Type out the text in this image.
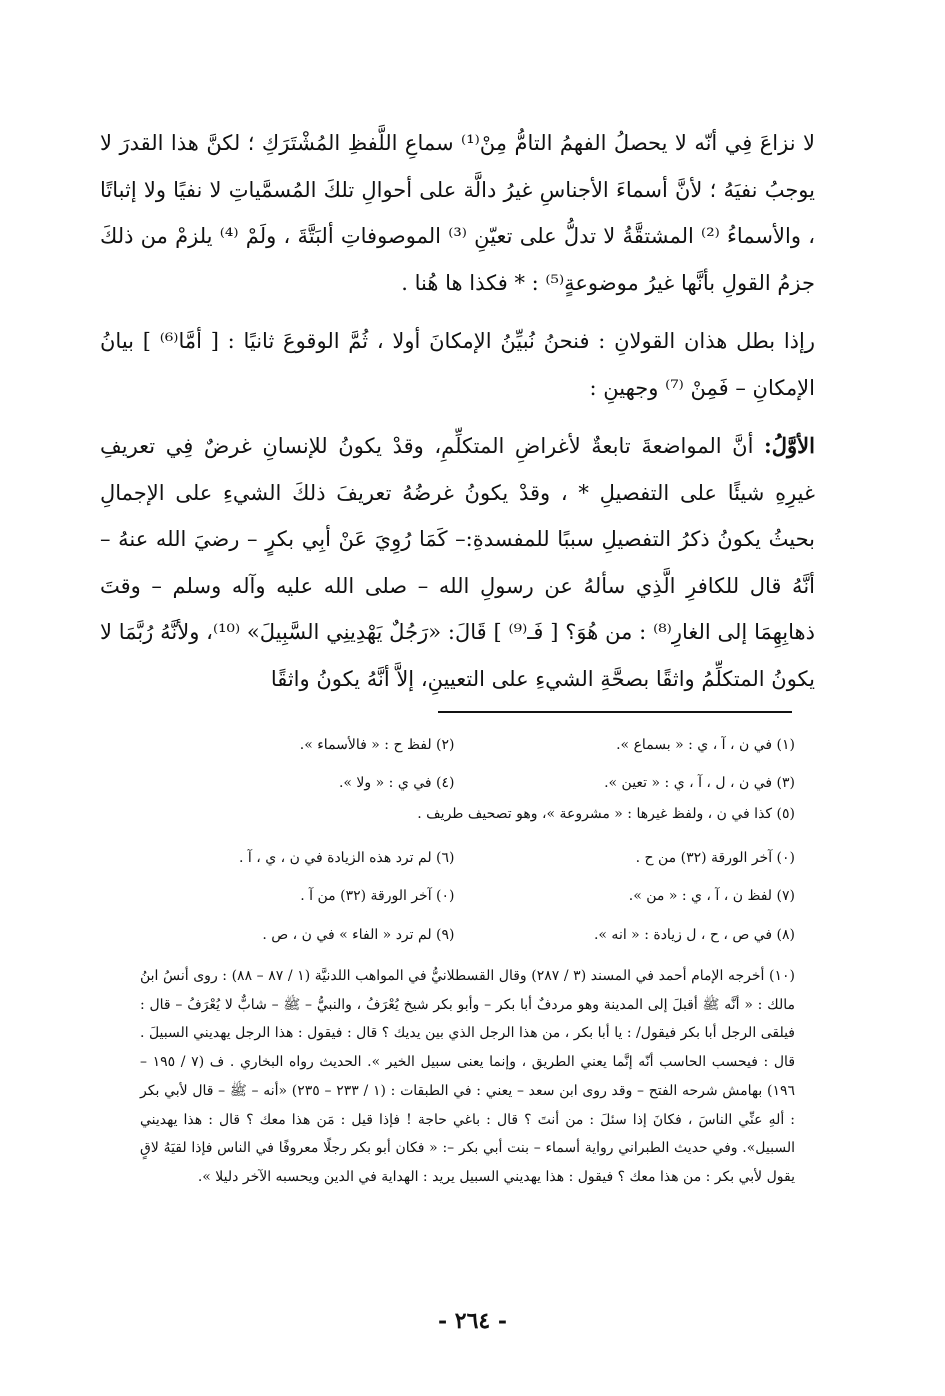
لا نزاعَ فِي أنّه لا يحصلُ الفهمُ التامُّ مِنْ⁽¹⁾ سماعِ اللَّفظِ المُشْتَرَكِ ؛ لكنَّ هذا القدرَ لا يوجبُ نفيَهُ ؛ لأنَّ أسماءَ الأجناسِ غيرُ دالَّة على أحوالِ تلكَ المُسمَّياتِ لا نفيًا ولا إثباتًا ، والأسماءُ ⁽²⁾ المشتقَّةُ لا تدلُّ على تعيّنِ ⁽³⁾ الموصوفاتِ ألبَتَّةَ ، ولَمْ ⁽⁴⁾ يلزمْ من ذلكَ جزمُ القولِ بأنَّها غيرُ موضوعةٍ⁽⁵⁾ : * فكذا ها هُنا .

رإذا بطل هذان القولانِ : فنحنُ نُبيِّنُ الإمكانَ أولا ، ثُمَّ الوقوعَ ثانيًا : [ أمَّا⁽⁶⁾ ] بيانُ الإمكانِ – فَمِنْ ⁽⁷⁾ وجهينِ :

الأوَّلُ: أنَّ المواضعةَ تابعةٌ لأغراضِ المتكلِّمِ، وقدْ يكونُ للإنسانِ غرضٌ فِي تعريفِ غيرِهِ شيئًا على التفصيلِ * ، وقدْ يكونُ غرضُهُ تعريفَ ذلكَ الشيءِ على الإجمالِ بحيثُ يكونُ ذكرُ التفصيلِ سببًا للمفسدةِ:– كَمَا رُوِيَ عَنْ أبِي بكرٍ – رضيَ الله عنهُ – أنَّهُ قال للكافرِ الَّذِي سألهُ عن رسولِ الله – صلى الله عليه وآله وسلم – وقتَ ذهابِهِمَا إلى الغارِ⁽⁸⁾ : من هُوَ؟ [ فَـ⁽⁹⁾ ] قَالَ: «رَجُلٌ يَهْدِينِي السَّبِيلَ» ⁽¹⁰⁾، ولأنَّهُ رُبَّمَا لا يكونُ المتكلِّمُ واثقًا بصحَّةِ الشيءِ على التعيينِ، إلاَّ أنَّهُ يكونُ واثقًا

(١) في ن ، آ ، ي : « بسماع ».
(٢) لفظ ح : « فالأسماء ».
(٣) في ن ، ل ، آ ، ي : « تعين ».
(٤) في ي : « ولا ».
(٥) كذا في ن ، ولفظ غيرها : « مشروعة »، وهو تصحيف طريف .
(٠) آخر الورقة (٣٢) من ح .
(٦) لم ترد هذه الزيادة في ن ، ي ، آ .
(٧) لفظ ن ، آ ، ي : « من ».
(٠) آخر الورقة (٣٢) من آ .
(٨) في ص ، ح ، ل زيادة : « انه ».
(٩) لم ترد « الفاء » في ن ، ص .

(١٠) أخرجه الإمام أحمد في المسند (٣ / ٢٨٧) وقال القسطلانيُّ في المواهب اللدنيَّة (١ / ٨٧ – ٨٨) : روى أنسُ ابنُ مالك : « أنَّه ﷺ أقبلَ إلى المدينة وهو مردفٌ أبا بكر – وأبو بكر شيخ يُعْرَفُ ، والنبيُّ – ﷺ – شابٌّ لا يُعْرَفُ – قال : فيلقى الرجل أبا بكر فيقول/ : يا أبا بكر ، من هذا الرجل الذي بين يديك ؟ قال : فيقول : هذا الرجل يهديني السبيلَ . قال : فيحسب الحاسب أنّه إنَّما يعني الطريق ، وإنما يعنى سبيل الخير ». الحديث رواه البخاري . ف (٧ / ١٩٥ – ١٩٦) بهامش شرحه الفتح – وقد روى ابن سعد – يعني : في الطبقات : (١ / ٢٣٣ – ٢٣٥) «أنه – ﷺ – قال لأبي بكر : ألهِ عنِّي الناسَ ، فكانَ إذا سئلَ : من أنتَ ؟ قال : باغي حاجة ! فإذا قيل : مَن هذا معك ؟ قال : هذا يهديني السبيل». وفي حديث الطبراني رواية أسماء – بنت أبي بكر –: « فكان أبو بكر رجلًا معروفًا في الناس فإذا لقيَهُ لاقٍ يقول لأبي بكر : من هذا معك ؟ فيقول : هذا يهديني السبيل يريد : الهداية في الدين ويحسبه الآخر دليلا ».

- ٢٦٤ -
